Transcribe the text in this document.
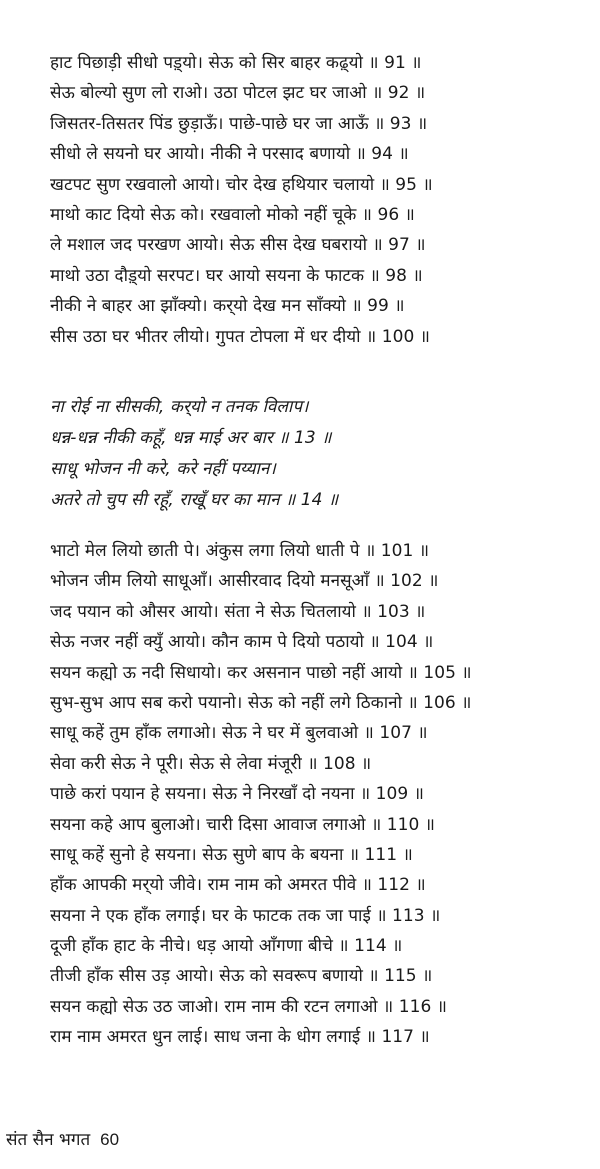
हाट पिछाड़ी सीधो पड़्यो। सेऊ को सिर बाहर कढ़्यो ॥ 91 ॥
सेऊ बोल्यो सुण लो राओ। उठा पोटल झट घर जाओ ॥ 92 ॥
जिसतर-तिसतर पिंड छुड़ाऊँ। पाछे-पाछे घर जा आऊँ ॥ 93 ॥
सीधो ले सयनो घर आयो। नीकी ने परसाद बणायो ॥ 94 ॥
खटपट सुण रखवालो आयो। चोर देख हथियार चलायो ॥ 95 ॥
माथो काट दियो सेऊ को। रखवालो मोको नहीं चूके ॥ 96 ॥
ले मशाल जद परखण आयो। सेऊ सीस देख घबरायो ॥ 97 ॥
माथो उठा दौड़्यो सरपट। घर आयो सयना के फाटक ॥ 98 ॥
नीकी ने बाहर आ झाँक्यो। कर्‌यो देख मन साँक्यो ॥ 99 ॥
सीस उठा घर भीतर लीयो। गुपत टोपला में धर दीयो ॥ 100 ॥
ना रोई ना सीसकी, कर्‌यो न तनक विलाप।
धन्न-धन्न नीकी कहूँ, धन्न माई अर बार ॥ 13 ॥
साधू भोजन नी करे, करे नहीं पय्यान।
अतरे तो चुप सी रहूँ, राखूँ घर का मान ॥ 14 ॥
भाटो मेल लियो छाती पे। अंकुस लगा लियो धाती पे ॥ 101 ॥
भोजन जीम लियो साधूआँ। आसीरवाद दियो मनसूआँ ॥ 102 ॥
जद पयान को औसर आयो। संता ने सेऊ चितलायो ॥ 103 ॥
सेऊ नजर नहीं क्युँ आयो। कौन काम पे दियो पठायो ॥ 104 ॥
सयन कह्यो ऊ नदी सिधायो। कर असनान पाछो नहीं आयो ॥ 105 ॥
सुभ-सुभ आप सब करो पयानो। सेऊ को नहीं लगे ठिकानो ॥ 106 ॥
साधू कहें तुम हाँक लगाओ। सेऊ ने घर में बुलवाओ ॥ 107 ॥
सेवा करी सेऊ ने पूरी। सेऊ से लेवा मंजूरी ॥ 108 ॥
पाछे करां पयान हे सयना। सेऊ ने निरखाँ दो नयना ॥ 109 ॥
सयना कहे आप बुलाओ। चारी दिसा आवाज लगाओ ॥ 110 ॥
साधू कहें सुनो हे सयना। सेऊ सुणे बाप के बयना ॥ 111 ॥
हाँक आपकी मर्‌यो जीवे। राम नाम को अमरत पीवे ॥ 112 ॥
सयना ने एक हाँक लगाई। घर के फाटक तक जा पाई ॥ 113 ॥
दूजी हाँक हाट के नीचे। धड़ आयो आँगणा बीचे ॥ 114 ॥
तीजी हाँक सीस उड़ आयो। सेऊ को सवरूप बणायो ॥ 115 ॥
सयन कह्यो सेऊ उठ जाओ। राम नाम की रटन लगाओ ॥ 116 ॥
राम नाम अमरत धुन लाई। साध जना के धोग लगाई ॥ 117 ॥
संत सैन भगत 60
